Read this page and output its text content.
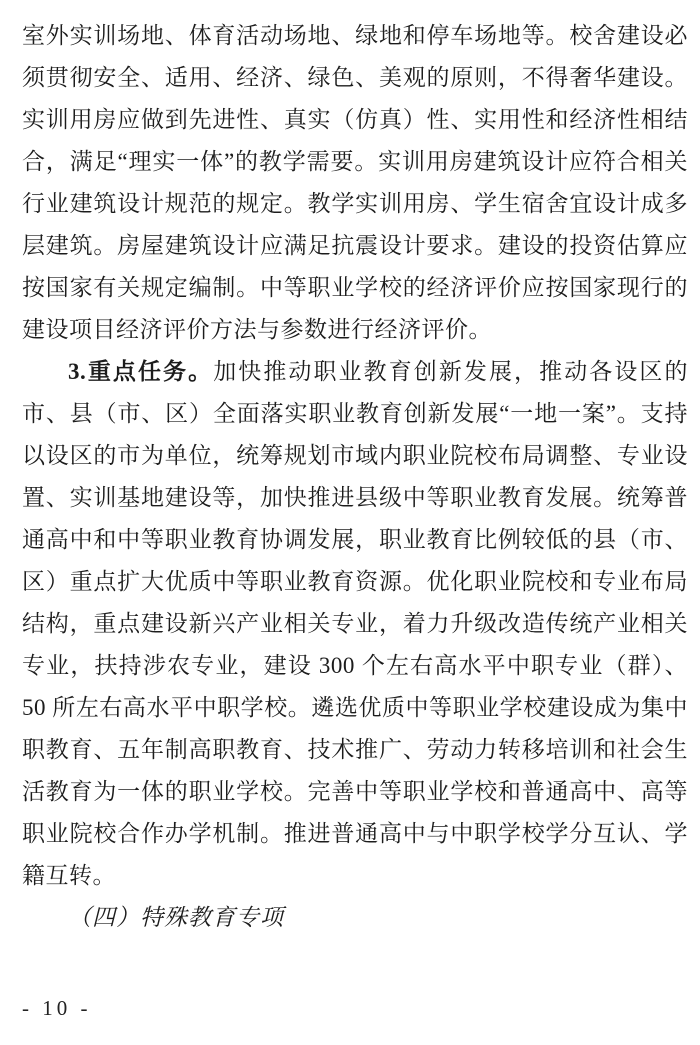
室外实训场地、体育活动场地、绿地和停车场地等。校舍建设必须贯彻安全、适用、经济、绿色、美观的原则，不得奢华建设。实训用房应做到先进性、真实（仿真）性、实用性和经济性相结合，满足“理实一体”的教学需要。实训用房建筑设计应符合相关行业建筑设计规范的规定。教学实训用房、学生宿舍宜设计成多层建筑。房屋建筑设计应满足抗震设计要求。建设的投资估算应按国家有关规定编制。中等职业学校的经济评价应按国家现行的建设项目经济评价方法与参数进行经济评价。

3.重点任务。加快推动职业教育创新发展，推动各设区的市、县（市、区）全面落实职业教育创新发展“一地一案”。支持以设区的市为单位，统筹规划市域内职业院校布局调整、专业设置、实训基地建设等，加快推进县级中等职业教育发展。统筹普通高中和中等职业教育协调发展，职业教育比例较低的县（市、区）重点扩大优质中等职业教育资源。优化职业院校和专业布局结构，重点建设新兴产业相关专业，着力升级改造传统产业相关专业，扶持涉农专业，建设 300 个左右高水平中职专业（群）、50 所左右高水平中职学校。遴选优质中等职业学校建设成为集中职教育、五年制高职教育、技术推广、劳动力转移培训和社会生活教育为一体的职业学校。完善中等职业学校和普通高中、高等职业院校合作办学机制。推进普通高中与中职学校学分互认、学籍互转。

（四）特殊教育专项

- 10 -
